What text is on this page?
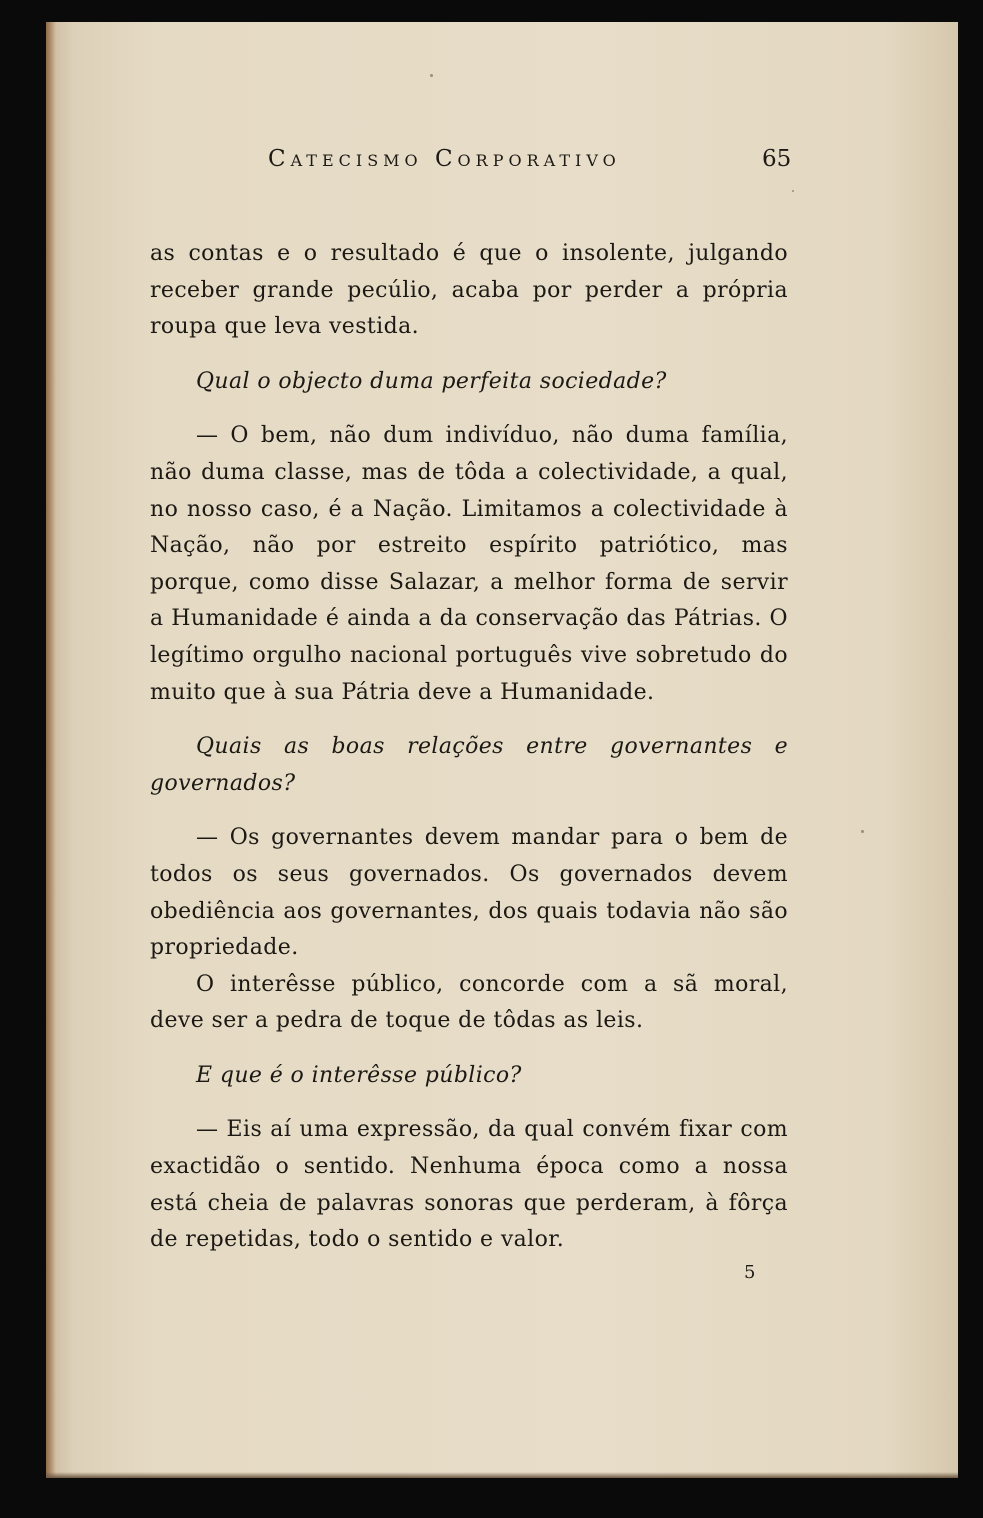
Catecismo Corporativo	65

as contas e o resultado é que o insolente, julgando receber grande pecúlio, acaba por perder a própria roupa que leva vestida.

Qual o objecto duma perfeita sociedade?

— O bem, não dum indivíduo, não duma família, não duma classe, mas de tôda a colectividade, a qual, no nosso caso, é a Nação. Limitamos a colectividade à Nação, não por estreito espírito patriótico, mas porque, como disse Salazar, a melhor forma de servir a Humanidade é ainda a da conservação das Pátrias. O legítimo orgulho nacional português vive sobretudo do muito que à sua Pátria deve a Humanidade.

Quais as boas relações entre governantes e governados?

— Os governantes devem mandar para o bem de todos os seus governados. Os governados devem obediência aos governantes, dos quais todavia não são propriedade.

O interêsse público, concorde com a sã moral, deve ser a pedra de toque de tôdas as leis.

E que é o interêsse público?

— Eis aí uma expressão, da qual convém fixar com exactidão o sentido. Nenhuma época como a nossa está cheia de palavras sonoras que perderam, à fôrça de repetidas, todo o sentido e valor.

5
